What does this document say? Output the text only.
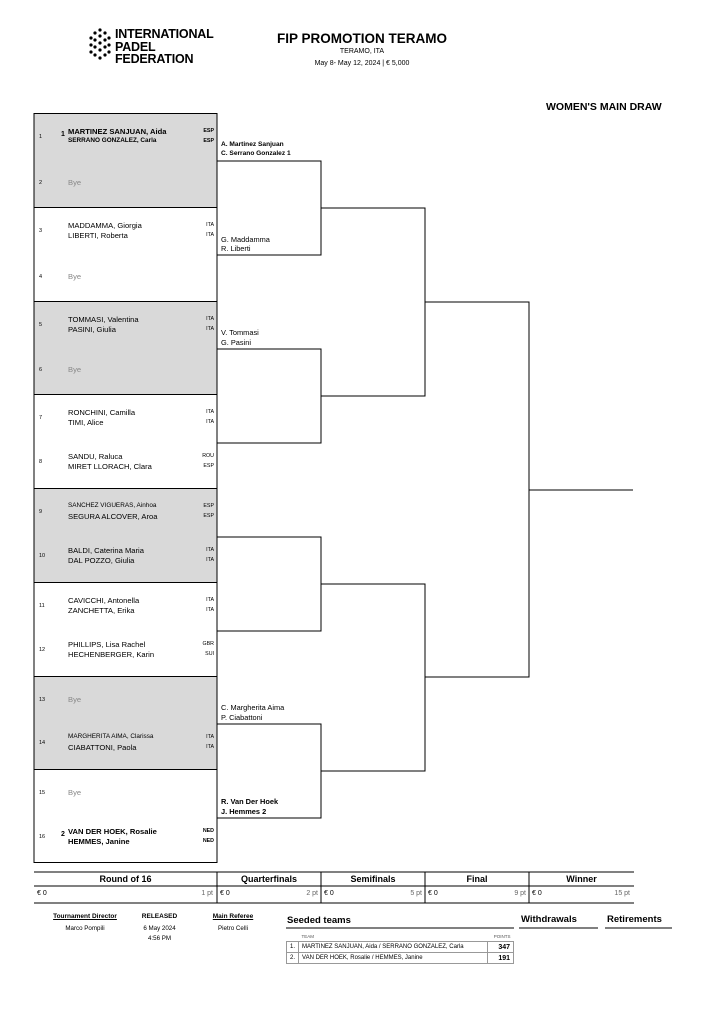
INTERNATIONAL
PADEL
FEDERATION
FIP PROMOTION TERAMO
TERAMO, ITA
May 8- May 12, 2024 | € 5,000
WOMEN'S MAIN DRAW
1	1 MARTINEZ SANJUAN, Aida	ESP
SERRANO GONZALEZ, Carla	ESP
2	Bye
3
MADDAMMA, Giorgia	ITA
LIBERTI, Roberta	ITA
4	Bye
5
TOMMASI, Valentina	ITA
PASINI, Giulia	ITA
6	Bye
7
RONCHINI, Camilla	ITA
TIMI, Alice	ITA
8
SANDU, Raluca	ROU
MIRET LLORACH, Clara	ESP
9
SANCHEZ VIGUERAS, Ainhoa	ESP
SEGURA ALCOVER, Aroa	ESP
10
BALDI, Caterina Maria	ITA
DAL POZZO, Giulia	ITA
11
CAVICCHI, Antonella	ITA
ZANCHETTA, Erika	ITA
12
PHILLIPS, Lisa Rachel	GBR
HECHENBERGER, Karin	SUI
13	Bye
14
MARGHERITA AIMA, Clarissa	ITA
CIABATTONI, Paola	ITA
15	Bye
16 2 VAN DER HOEK, Rosalie	NED
HEMMES, Janine	NED
A. Martinez Sanjuan
C. Serrano Gonzalez 1
G. Maddamma
R. Liberti
V. Tommasi
G. Pasini
C. Margherita Aima
P. Ciabattoni
R. Van Der Hoek
J. Hemmes 2
Round of 16	Quarterfinals	Semifinals	Final	Winner
€ 0	1 pt € 0	2 pt € 0	5 pt € 0	9 pt € 0	15 pt
Tournament Director
Marco Pompili
RELEASED
6 May 2024
4:56 PM
Main Referee
Pietro Celli
Seeded teams	Withdrawals	Retirements
	TEAM	POINTS
1.	MARTINEZ SANJUAN, Aida / SERRANO GONZALEZ, Carla	347
2.	VAN DER HOEK, Rosalie / HEMMES, Janine	191
